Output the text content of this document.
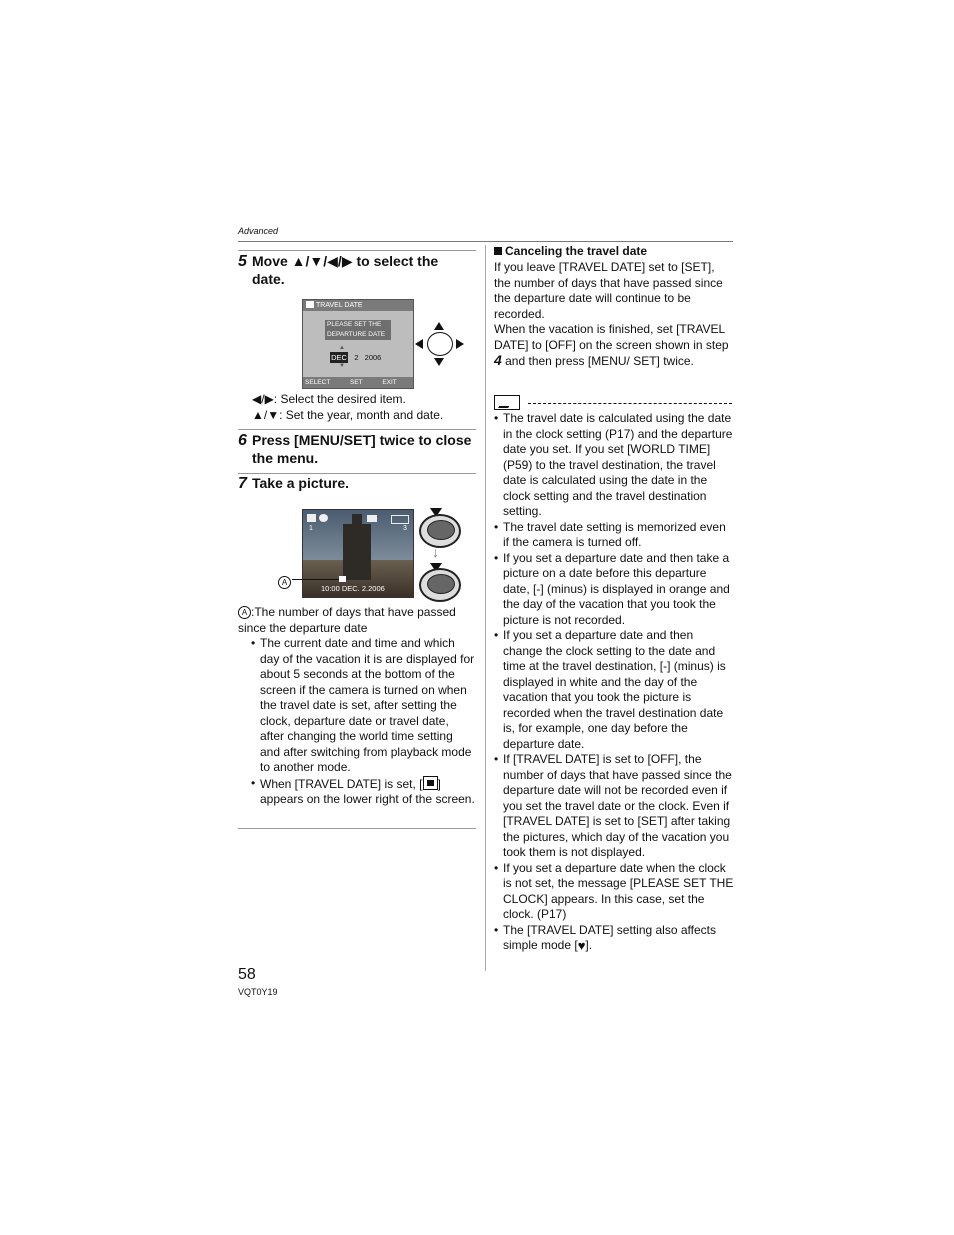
Advanced
5 Move ▲/▼/◀/▶ to select the date.
TRAVEL DATE
PLEASE SET THE
DEPARTURE DATE
▲
DEC 2 2006
▼
SELECT	SET	EXIT
◀/▶: Select the desired item.
▲/▼: Set the year, month and date.
6 Press [MENU/SET] twice to close the menu.
7 Take a picture.
1	3
10:00 DEC. 2.2006
A
↓
A :The number of days that have passed since the departure date
• The current date and time and which day of the vacation it is are displayed for about 5 seconds at the bottom of the screen if the camera is turned on when the travel date is set, after setting the clock, departure date or travel date, after changing the world time setting and after switching from playback mode to another mode.
• When [TRAVEL DATE] is set, [ ] appears on the lower right of the screen.
Canceling the travel date
If you leave [TRAVEL DATE] set to [SET], the number of days that have passed since the departure date will continue to be recorded.
When the vacation is finished, set [TRAVEL DATE] to [OFF] on the screen shown in step 4 and then press [MENU/ SET] twice.

• The travel date is calculated using the date in the clock setting (P17) and the departure date you set. If you set [WORLD TIME] (P59) to the travel destination, the travel date is calculated using the date in the clock setting and the travel destination setting.
• The travel date setting is memorized even if the camera is turned off.
• If you set a departure date and then take a picture on a date before this departure date, [-] (minus) is displayed in orange and the day of the vacation that you took the picture is not recorded.
• If you set a departure date and then change the clock setting to the date and time at the travel destination, [-] (minus) is displayed in white and the day of the vacation that you took the picture is recorded when the travel destination date is, for example, one day before the departure date.
• If [TRAVEL DATE] is set to [OFF], the number of days that have passed since the departure date will not be recorded even if you set the travel date or the clock. Even if [TRAVEL DATE] is set to [SET] after taking the pictures, which day of the vacation you took them is not displayed.
• If you set a departure date when the clock is not set, the message [PLEASE SET THE CLOCK] appears. In this case, set the clock. (P17)
• The [TRAVEL DATE] setting also affects simple mode [♥].
58
VQT0Y19
